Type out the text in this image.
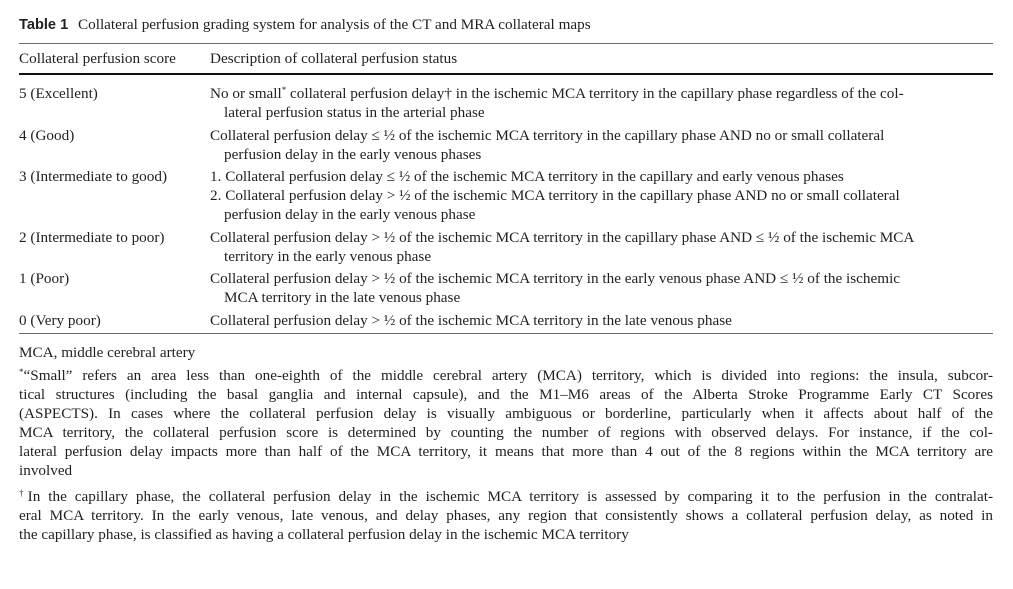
Table 1 Collateral perfusion grading system for analysis of the CT and MRA collateral maps
Collateral perfusion score	Description of collateral perfusion status
5 (Excellent)	No or small* collateral perfusion delay† in the ischemic MCA territory in the capillary phase regardless of the col-
lateral perfusion status in the arterial phase
4 (Good)	Collateral perfusion delay ≤ ½ of the ischemic MCA territory in the capillary phase AND no or small collateral
perfusion delay in the early venous phases
3 (Intermediate to good)	1. Collateral perfusion delay ≤ ½ of the ischemic MCA territory in the capillary and early venous phases
2. Collateral perfusion delay > ½ of the ischemic MCA territory in the capillary phase AND no or small collateral
perfusion delay in the early venous phase
2 (Intermediate to poor)	Collateral perfusion delay > ½ of the ischemic MCA territory in the capillary phase AND ≤ ½ of the ischemic MCA
territory in the early venous phase
1 (Poor)	Collateral perfusion delay > ½ of the ischemic MCA territory in the early venous phase AND ≤ ½ of the ischemic
MCA territory in the late venous phase
0 (Very poor)	Collateral perfusion delay > ½ of the ischemic MCA territory in the late venous phase
MCA, middle cerebral artery
*“Small” refers an area less than one-eighth of the middle cerebral artery (MCA) territory, which is divided into regions: the insula, subcor-
tical structures (including the basal ganglia and internal capsule), and the M1–M6 areas of the Alberta Stroke Programme Early CT Scores
(ASPECTS). In cases where the collateral perfusion delay is visually ambiguous or borderline, particularly when it affects about half of the
MCA territory, the collateral perfusion score is determined by counting the number of regions with observed delays. For instance, if the col-
lateral perfusion delay impacts more than half of the MCA territory, it means that more than 4 out of the 8 regions within the MCA territory are
involved
†In the capillary phase, the collateral perfusion delay in the ischemic MCA territory is assessed by comparing it to the perfusion in the contralat-
eral MCA territory. In the early venous, late venous, and delay phases, any region that consistently shows a collateral perfusion delay, as noted in
the capillary phase, is classified as having a collateral perfusion delay in the ischemic MCA territory
